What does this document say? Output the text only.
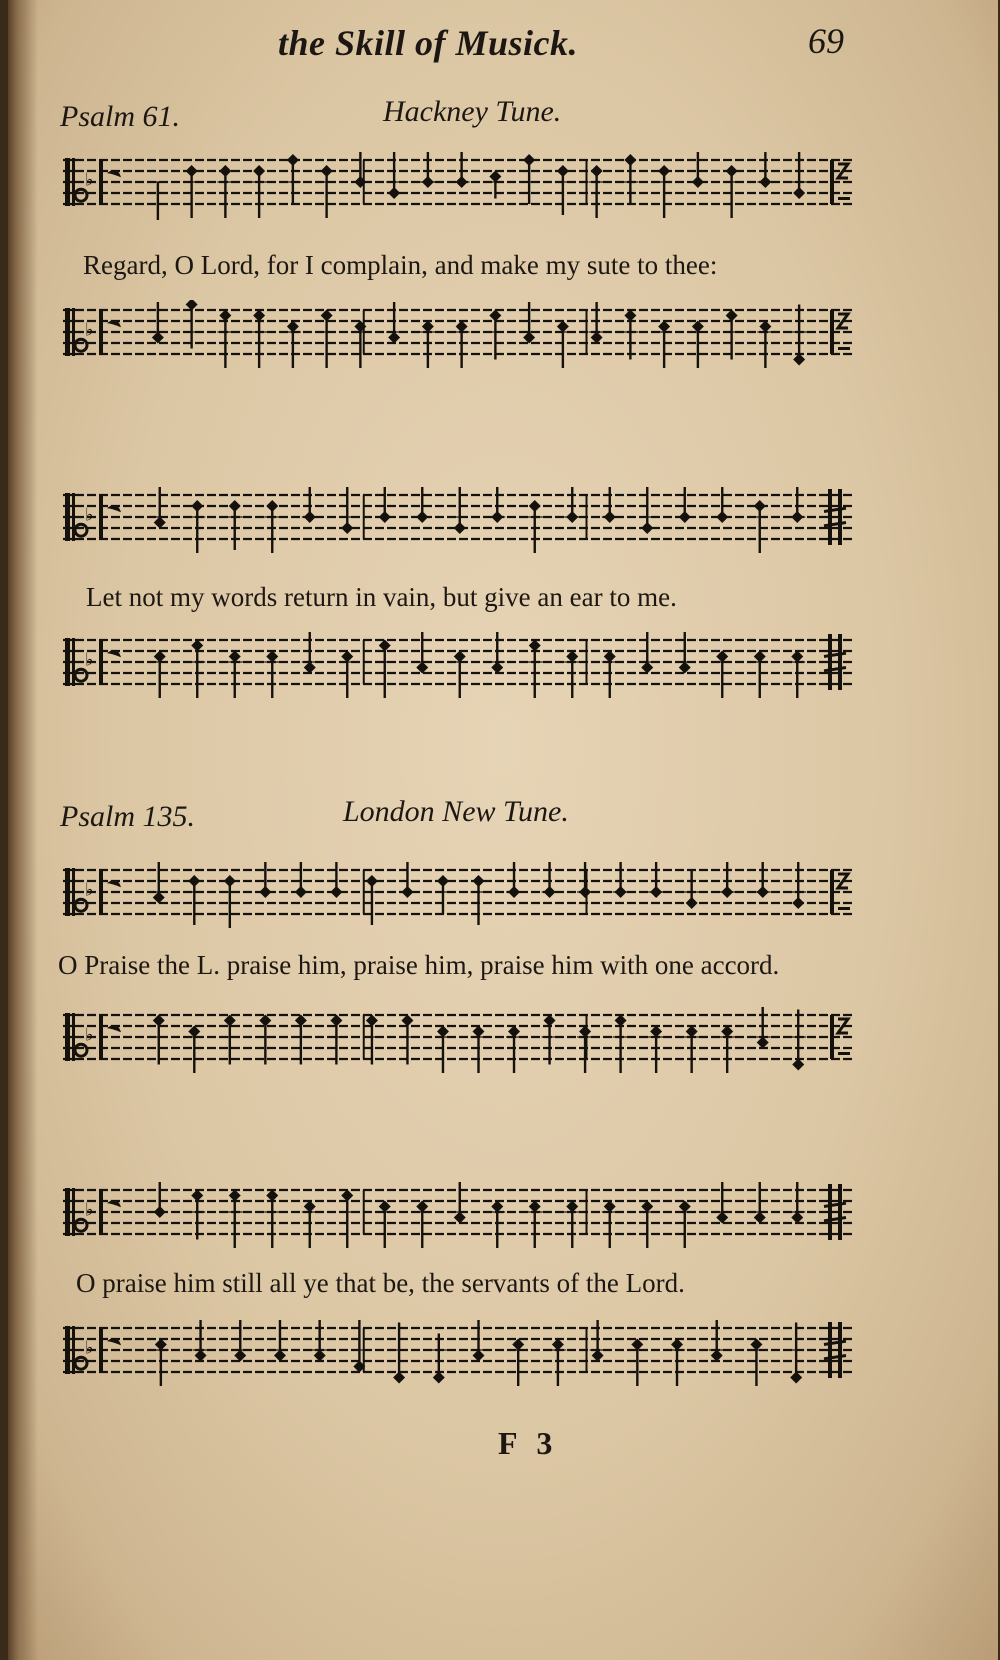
the Skill of Musick.	69
Psalm 61.	Hackney Tune.
♭
Regard, O Lord, for I complain, and make my sute to thee:
♭
♭
Let not my words return in vain, but give an ear to me.
♭
Psalm 135.	London New Tune.
♭
O Praise the L. praise him, praise him, praise him with one accord.
♭
♭
O praise him still all ye that be, the servants of the Lord.
♭
F 3
